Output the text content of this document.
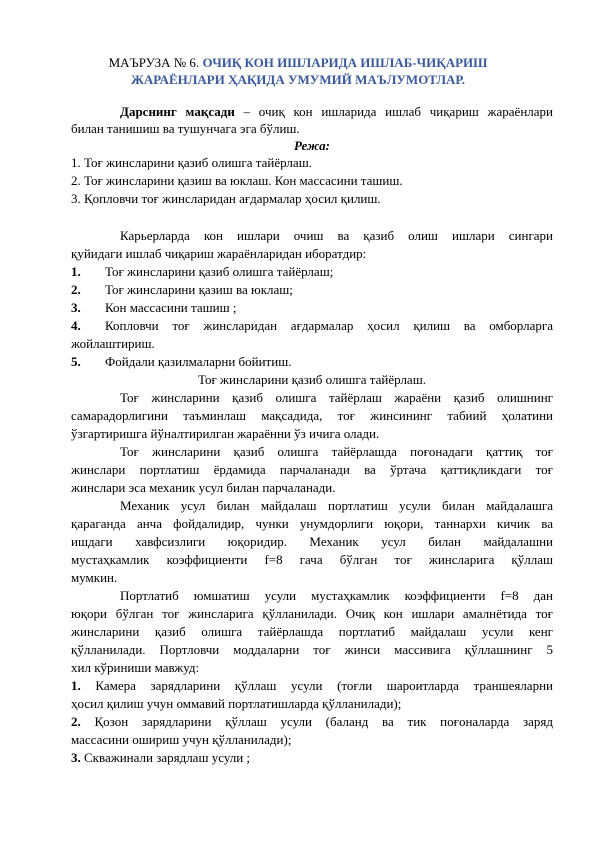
МАЪРУЗА № 6. ОЧИҚ КОН ИШЛАРИДА ИШЛАБ-ЧИҚАРИШ
ЖАРАЁНЛАРИ ҲАҚИДА УМУМИЙ МАЪЛУМОТЛАР.
Дарснинг мақсади – очиқ кон ишларида ишлаб чиқариш жараёнлари
билан танишиш ва тушунчага эга бўлиш.
Режа:
1. Тоғ жинсларини қазиб олишга тайёрлаш.
2. Тоғ жинсларини қазиш ва юклаш. Кон массасини ташиш.
3. Қопловчи тоғ жинсларидан ағдармалар ҳосил қилиш.
Карьерларда кон ишлари очиш ва қазиб олиш ишлари сингари
қуйидаги ишлаб чиқариш жараёнларидан иборатдир:
1. Тоғ жинсларини қазиб олишга тайёрлаш;
2. Тоғ жинсларини қазиш ва юклаш;
3. Кон массасини ташиш ;
4. Копловчи тоғ жинсларидан ағдармалар ҳосил қилиш ва омборларга
жойлаштириш.
5. Фойдали қазилмаларни бойитиш.
Тоғ жинсларини қазиб олишга тайёрлаш.
Тоғ жинсларини қазиб олишга тайёрлаш жараёни қазиб олишнинг
самарадорлигини таъминлаш мақсадида, тоғ жинсининг табиий ҳолатини
ўзгартиришга йўналтирилган жараённи ўз ичига олади.
Тоғ жинсларини қазиб олишга тайёрлашда поғонадаги қаттиқ тоғ
жинслари портлатиш ёрдамида парчаланади ва ўртача қаттиқликдаги тоғ
жинслари эса механик усул билан парчаланади.
Механик усул билан майдалаш портлатиш усули билан майдалашга
қараганда анча фойдалидир, чунки унумдорлиги юқори, таннархи кичик ва
ишдаги хавфсизлиги юқоридир. Механик усул билан майдалашни
мустаҳкамлик коэффициенти f=8 гача бўлган тоғ жинсларига қўллаш
мумкин.
Портлатиб юмшатиш усули мустаҳкамлик коэффициенти f=8 дан
юқори бўлган тоғ жинсларига қўлланилади. Очиқ кон ишлари амалнётида тоғ
жинсларини қазиб олишга тайёрлашда портлатиб майдалаш усули кенг
қўлланилади. Портловчи моддаларни тоғ жинси массивига қўллашнинг 5
хил кўриниши мавжуд:
1. Камера зарядларини қўллаш усули (тоғли шароитларда траншеяларни
ҳосил қилиш учун оммавий портлатишларда қўлланилади);
2. Қозон зарядларини қўллаш усули (баланд ва тик поғоналарда заряд
массасини ошириш учун қўлланилади);
3. Скважинали зарядлаш усули ;
